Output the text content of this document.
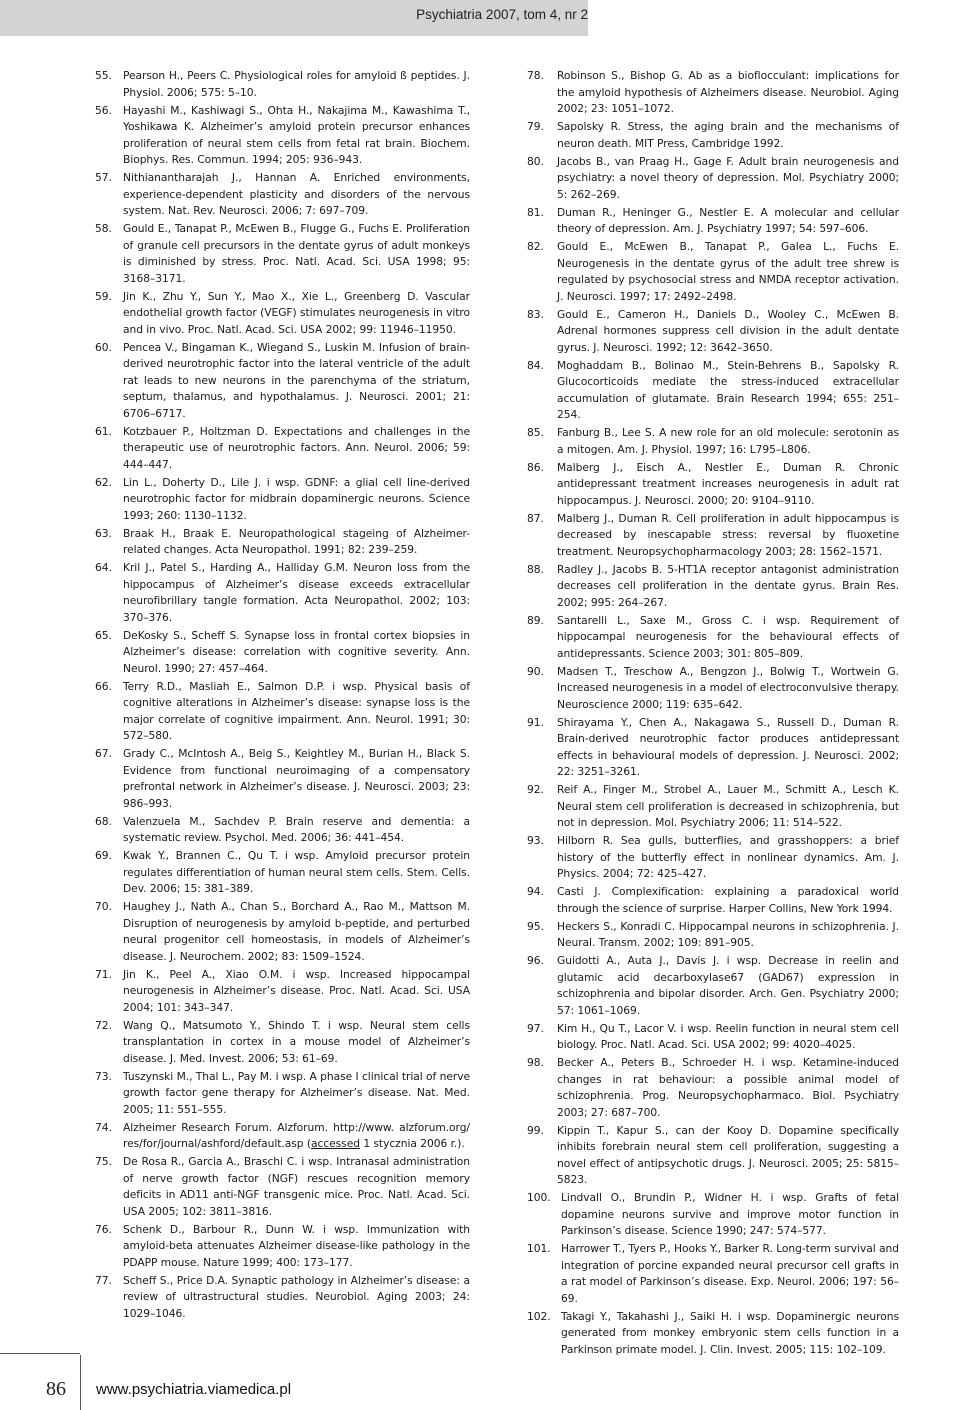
Psychiatria 2007, tom 4, nr 2
55. Pearson H., Peers C. Physiological roles for amyloid ß peptides. J. Physiol. 2006; 575: 5–10.
56. Hayashi M., Kashiwagi S., Ohta H., Nakajima M., Kawashima T., Yoshikawa K. Alzheimer’s amyloid protein precursor enhances proliferation of neural stem cells from fetal rat brain. Biochem. Biophys. Res. Commun. 1994; 205: 936–943.
57. Nithianantharajah J., Hannan A. Enriched environments, experience-dependent plasticity and disorders of the nervous system. Nat. Rev. Neurosci. 2006; 7: 697–709.
58. Gould E., Tanapat P., McEwen B., Flugge G., Fuchs E. Proliferation of granule cell precursors in the dentate gyrus of adult monkeys is diminished by stress. Proc. Natl. Acad. Sci. USA 1998; 95: 3168–3171.
59. Jin K., Zhu Y., Sun Y., Mao X., Xie L., Greenberg D. Vascular endothelial growth factor (VEGF) stimulates neurogenesis in vitro and in vivo. Proc. Natl. Acad. Sci. USA 2002; 99: 11946–11950.
60. Pencea V., Bingaman K., Wiegand S., Luskin M. Infusion of brain-derived neurotrophic factor into the lateral ventricle of the adult rat leads to new neurons in the parenchyma of the striatum, septum, thalamus, and hypothalamus. J. Neurosci. 2001; 21: 6706–6717.
61. Kotzbauer P., Holtzman D. Expectations and challenges in the therapeutic use of neurotrophic factors. Ann. Neurol. 2006; 59: 444–447.
62. Lin L., Doherty D., Lile J. i wsp. GDNF: a glial cell line-derived neurotrophic factor for midbrain dopaminergic neurons. Science 1993; 260: 1130–1132.
63. Braak H., Braak E. Neuropathological stageing of Alzheimer-related changes. Acta Neuropathol. 1991; 82: 239–259.
64. Kril J., Patel S., Harding A., Halliday G.M. Neuron loss from the hippocampus of Alzheimer’s disease exceeds extracellular neurofibrillary tangle formation. Acta Neuropathol. 2002; 103: 370–376.
65. DeKosky S., Scheff S. Synapse loss in frontal cortex biopsies in Alzheimer’s disease: correlation with cognitive severity. Ann. Neurol. 1990; 27: 457–464.
66. Terry R.D., Masliah E., Salmon D.P. i wsp. Physical basis of cognitive alterations in Alzheimer’s disease: synapse loss is the major correlate of cognitive impairment. Ann. Neurol. 1991; 30: 572–580.
67. Grady C., McIntosh A., Beig S., Keightley M., Burian H., Black S. Evidence from functional neuroimaging of a compensatory prefrontal network in Alzheimer’s disease. J. Neurosci. 2003; 23: 986–993.
68. Valenzuela M., Sachdev P. Brain reserve and dementia: a systematic review. Psychol. Med. 2006; 36: 441–454.
69. Kwak Y., Brannen C., Qu T. i wsp. Amyloid precursor protein regulates differentiation of human neural stem cells. Stem. Cells. Dev. 2006; 15: 381–389.
70. Haughey J., Nath A., Chan S., Borchard A., Rao M., Mattson M. Disruption of neurogenesis by amyloid b-peptide, and perturbed neural progenitor cell homeostasis, in models of Alzheimer’s disease. J. Neurochem. 2002; 83: 1509–1524.
71. Jin K., Peel A., Xiao O.M. i wsp. Increased hippocampal neurogenesis in Alzheimer’s disease. Proc. Natl. Acad. Sci. USA 2004; 101: 343–347.
72. Wang Q., Matsumoto Y., Shindo T. i wsp. Neural stem cells transplantation in cortex in a mouse model of Alzheimer’s disease. J. Med. Invest. 2006; 53: 61–69.
73. Tuszynski M., Thal L., Pay M. i wsp. A phase I clinical trial of nerve growth factor gene therapy for Alzheimer’s disease. Nat. Med. 2005; 11: 551–555.
74. Alzheimer Research Forum. Alzforum. http://www. alzforum.org/ res/for/journal/ashford/default.asp (accessed 1 stycznia 2006 r.).
75. De Rosa R., Garcia A., Braschi C. i wsp. Intranasal administration of nerve growth factor (NGF) rescues recognition memory deficits in AD11 anti-NGF transgenic mice. Proc. Natl. Acad. Sci. USA 2005; 102: 3811–3816.
76. Schenk D., Barbour R., Dunn W. i wsp. Immunization with amyloid-beta attenuates Alzheimer disease-like pathology in the PDAPP mouse. Nature 1999; 400: 173–177.
77. Scheff S., Price D.A. Synaptic pathology in Alzheimer’s disease: a review of ultrastructural studies. Neurobiol. Aging 2003; 24: 1029–1046.
78. Robinson S., Bishop G. Ab as a bioflocculant: implications for the amyloid hypothesis of Alzheimers disease. Neurobiol. Aging 2002; 23: 1051–1072.
79. Sapolsky R. Stress, the aging brain and the mechanisms of neuron death. MIT Press, Cambridge 1992.
80. Jacobs B., van Praag H., Gage F. Adult brain neurogenesis and psychiatry: a novel theory of depression. Mol. Psychiatry 2000; 5: 262–269.
81. Duman R., Heninger G., Nestler E. A molecular and cellular theory of depression. Am. J. Psychiatry 1997; 54: 597–606.
82. Gould E., McEwen B., Tanapat P., Galea L., Fuchs E. Neurogenesis in the dentate gyrus of the adult tree shrew is regulated by psychosocial stress and NMDA receptor activation. J. Neurosci. 1997; 17: 2492–2498.
83. Gould E., Cameron H., Daniels D., Wooley C., McEwen B. Adrenal hormones suppress cell division in the adult dentate gyrus. J. Neurosci. 1992; 12: 3642–3650.
84. Moghaddam B., Bolinao M., Stein-Behrens B., Sapolsky R. Glucocorticoids mediate the stress-induced extracellular accumulation of glutamate. Brain Research 1994; 655: 251–254.
85. Fanburg B., Lee S. A new role for an old molecule: serotonin as a mitogen. Am. J. Physiol. 1997; 16: L795–L806.
86. Malberg J., Eisch A., Nestler E., Duman R. Chronic antidepressant treatment increases neurogenesis in adult rat hippocampus. J. Neurosci. 2000; 20: 9104–9110.
87. Malberg J., Duman R. Cell proliferation in adult hippocampus is decreased by inescapable stress: reversal by fluoxetine treatment. Neuropsychopharmacology 2003; 28: 1562–1571.
88. Radley J., Jacobs B. 5-HT1A receptor antagonist administration decreases cell proliferation in the dentate gyrus. Brain Res. 2002; 995: 264–267.
89. Santarelli L., Saxe M., Gross C. i wsp. Requirement of hippocampal neurogenesis for the behavioural effects of antidepressants. Science 2003; 301: 805–809.
90. Madsen T., Treschow A., Bengzon J., Bolwig T., Wortwein G. Increased neurogenesis in a model of electroconvulsive therapy. Neuroscience 2000; 119: 635–642.
91. Shirayama Y., Chen A., Nakagawa S., Russell D., Duman R. Brain-derived neurotrophic factor produces antidepressant effects in behavioural models of depression. J. Neurosci. 2002; 22: 3251–3261.
92. Reif A., Finger M., Strobel A., Lauer M., Schmitt A., Lesch K. Neural stem cell proliferation is decreased in schizophrenia, but not in depression. Mol. Psychiatry 2006; 11: 514–522.
93. Hilborn R. Sea gulls, butterflies, and grasshoppers: a brief history of the butterfly effect in nonlinear dynamics. Am. J. Physics. 2004; 72: 425–427.
94. Casti J. Complexification: explaining a paradoxical world through the science of surprise. Harper Collins, New York 1994.
95. Heckers S., Konradi C. Hippocampal neurons in schizophrenia. J. Neural. Transm. 2002; 109: 891–905.
96. Guidotti A., Auta J., Davis J. i wsp. Decrease in reelin and glutamic acid decarboxylase67 (GAD67) expression in schizophrenia and bipolar disorder. Arch. Gen. Psychiatry 2000; 57: 1061–1069.
97. Kim H., Qu T., Lacor V. i wsp. Reelin function in neural stem cell biology. Proc. Natl. Acad. Sci. USA 2002; 99: 4020–4025.
98. Becker A., Peters B., Schroeder H. i wsp. Ketamine-induced changes in rat behaviour: a possible animal model of schizophrenia. Prog. Neuropsychopharmaco. Biol. Psychiatry 2003; 27: 687–700.
99. Kippin T., Kapur S., can der Kooy D. Dopamine specifically inhibits forebrain neural stem cell proliferation, suggesting a novel effect of antipsychotic drugs. J. Neurosci. 2005; 25: 5815–5823.
100. Lindvall O., Brundin P., Widner H. i wsp. Grafts of fetal dopamine neurons survive and improve motor function in Parkinson’s disease. Science 1990; 247: 574–577.
101. Harrower T., Tyers P., Hooks Y., Barker R. Long-term survival and integration of porcine expanded neural precursor cell grafts in a rat model of Parkinson’s disease. Exp. Neurol. 2006; 197: 56–69.
102. Takagi Y., Takahashi J., Saiki H. i wsp. Dopaminergic neurons generated from monkey embryonic stem cells function in a Parkinson primate model. J. Clin. Invest. 2005; 115: 102–109.
86 www.psychiatria.viamedica.pl
